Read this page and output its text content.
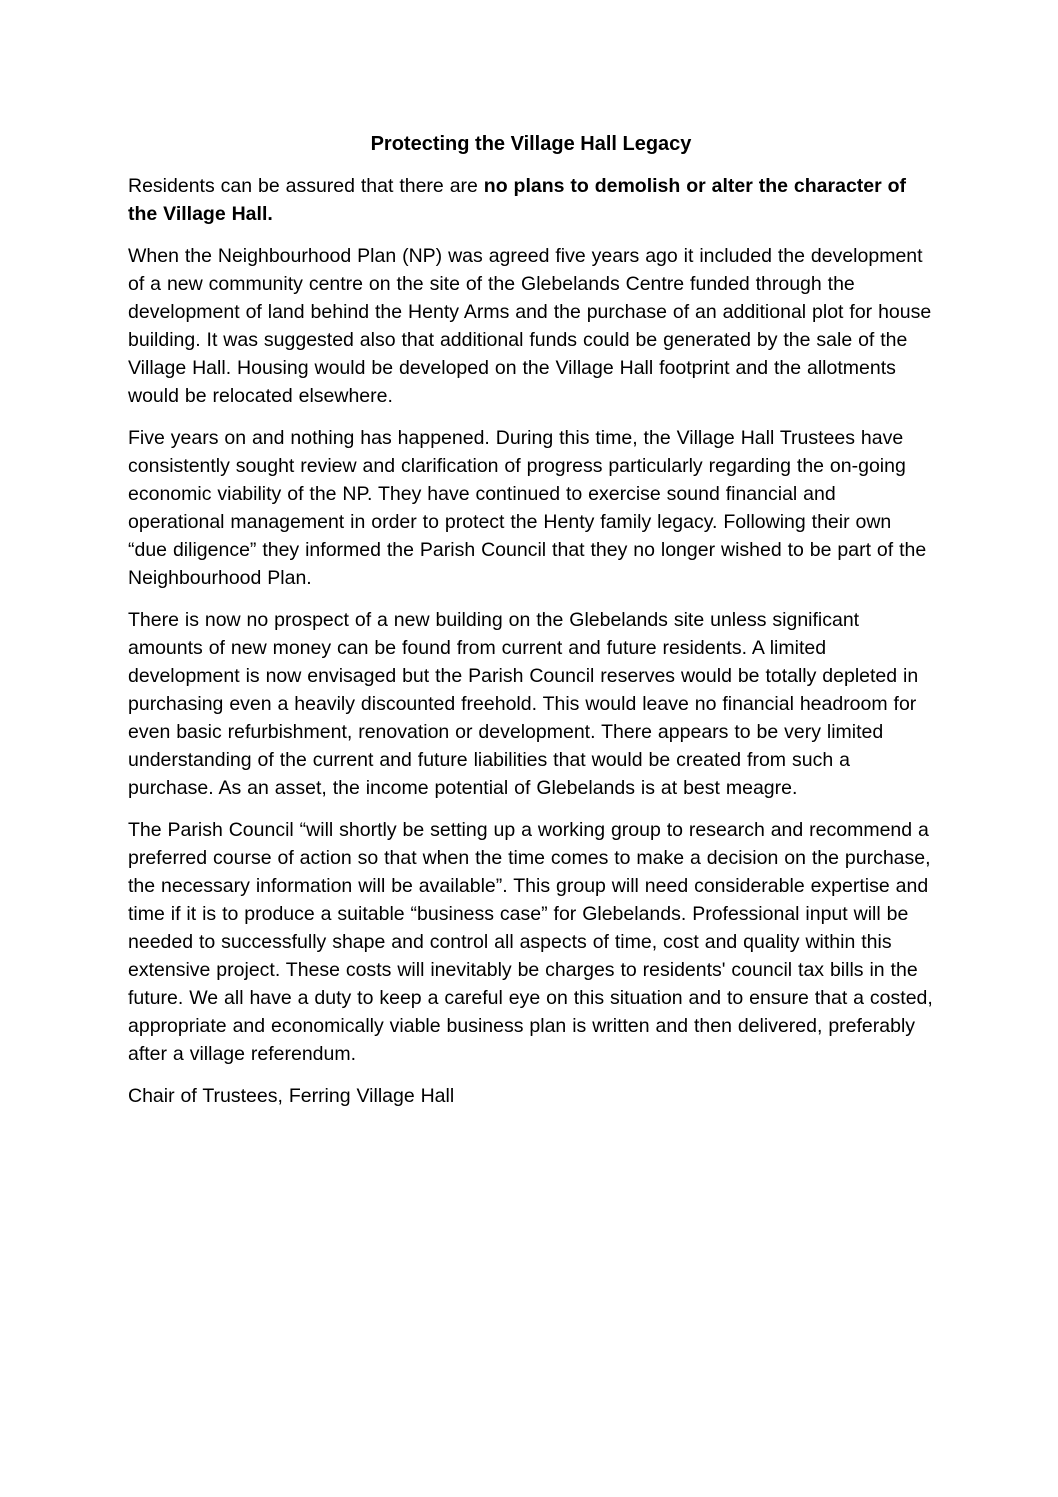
Protecting the Village Hall Legacy

Residents can be assured that there are no plans to demolish or alter the character of the Village Hall.

When the Neighbourhood Plan (NP) was agreed five years ago it included the development of a new community centre on the site of the Glebelands Centre funded through the development of land behind the Henty Arms and the purchase of an additional plot for house building. It was suggested also that additional funds could be generated by the sale of the Village Hall. Housing would be developed on the Village Hall footprint and the allotments would be relocated elsewhere.

Five years on and nothing has happened. During this time, the Village Hall Trustees have consistently sought review and clarification of progress particularly regarding the on-going economic viability of the NP. They have continued to exercise sound financial and operational management in order to protect the Henty family legacy. Following their own “due diligence” they informed the Parish Council that they no longer wished to be part of the Neighbourhood Plan.

There is now no prospect of a new building on the Glebelands site unless significant amounts of new money can be found from current and future residents. A limited development is now envisaged but the Parish Council reserves would be totally depleted in purchasing even a heavily discounted freehold. This would leave no financial headroom for even basic refurbishment, renovation or development. There appears to be very limited understanding of the current and future liabilities that would be created from such a purchase. As an asset, the income potential of Glebelands is at best meagre.

The Parish Council “will shortly be setting up a working group to research and recommend a preferred course of action so that when the time comes to make a decision on the purchase, the necessary information will be available”. This group will need considerable expertise and time if it is to produce a suitable “business case” for Glebelands. Professional input will be needed to successfully shape and control all aspects of time, cost and quality within this extensive project. These costs will inevitably be charges to residents' council tax bills in the future. We all have a duty to keep a careful eye on this situation and to ensure that a costed, appropriate and economically viable business plan is written and then delivered, preferably after a village referendum.

Chair of Trustees, Ferring Village Hall
